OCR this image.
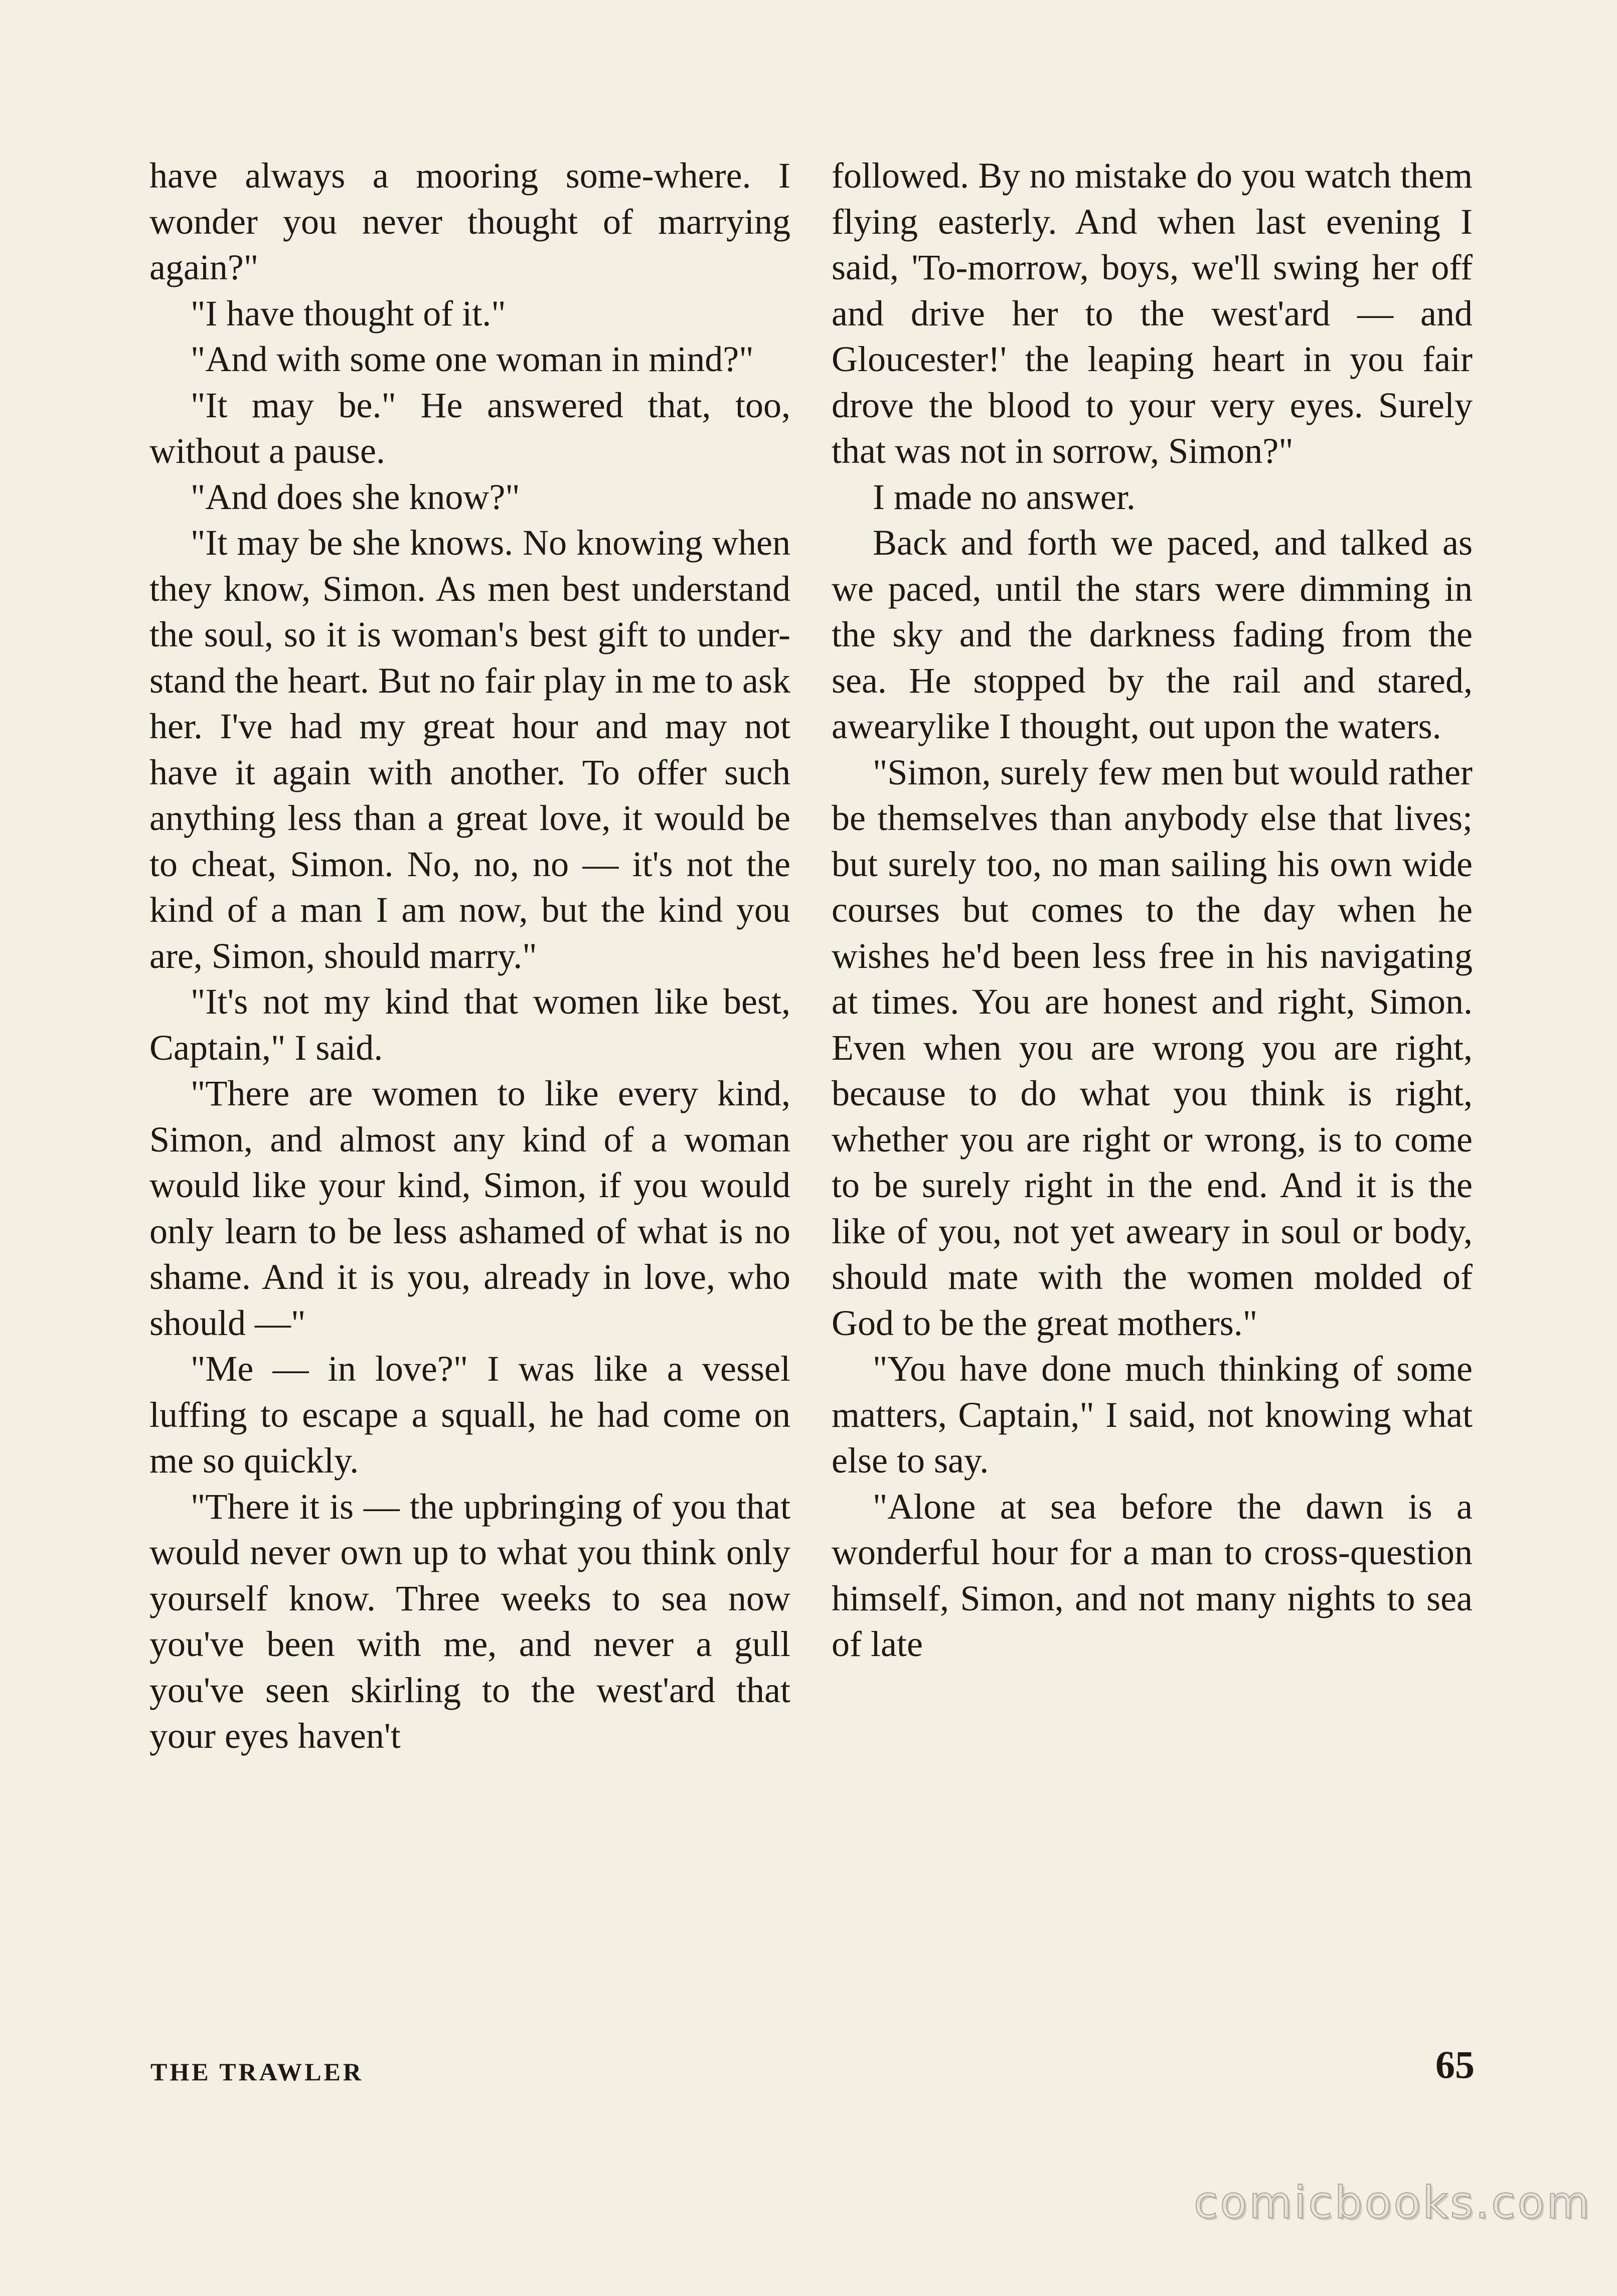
have always a mooring some-where. I wonder you never thought of marrying again?"

"I have thought of it."

"And with some one woman in mind?"

"It may be." He answered that, too, without a pause.

"And does she know?"

"It may be she knows. No knowing when they know, Simon. As men best understand the soul, so it is woman's best gift to under-stand the heart. But no fair play in me to ask her. I've had my great hour and may not have it again with another. To offer such anything less than a great love, it would be to cheat, Simon. No, no, no — it's not the kind of a man I am now, but the kind you are, Simon, should marry."

"It's not my kind that women like best, Captain," I said.

"There are women to like every kind, Simon, and almost any kind of a woman would like your kind, Simon, if you would only learn to be less ashamed of what is no shame. And it is you, already in love, who should —"

"Me — in love?" I was like a vessel luffing to escape a squall, he had come on me so quickly.

"There it is — the upbringing of you that would never own up to what you think only yourself know. Three weeks to sea now you've been with me, and never a gull you've seen skirling to the west'ard that your eyes haven't

followed. By no mistake do you watch them flying easterly. And when last evening I said, 'To-morrow, boys, we'll swing her off and drive her to the west'ard — and Gloucester!' the leaping heart in you fair drove the blood to your very eyes. Surely that was not in sorrow, Simon?"

I made no answer.

Back and forth we paced, and talked as we paced, until the stars were dimming in the sky and the darkness fading from the sea. He stopped by the rail and stared, awearylike I thought, out upon the waters.

"Simon, surely few men but would rather be themselves than anybody else that lives; but surely too, no man sailing his own wide courses but comes to the day when he wishes he'd been less free in his navigating at times. You are honest and right, Simon. Even when you are wrong you are right, because to do what you think is right, whether you are right or wrong, is to come to be surely right in the end. And it is the like of you, not yet aweary in soul or body, should mate with the women molded of God to be the great mothers."

"You have done much thinking of some matters, Captain," I said, not knowing what else to say.

"Alone at sea before the dawn is a wonderful hour for a man to cross-question himself, Simon, and not many nights to sea of late

THE TRAWLER	65
comicbooks.com
